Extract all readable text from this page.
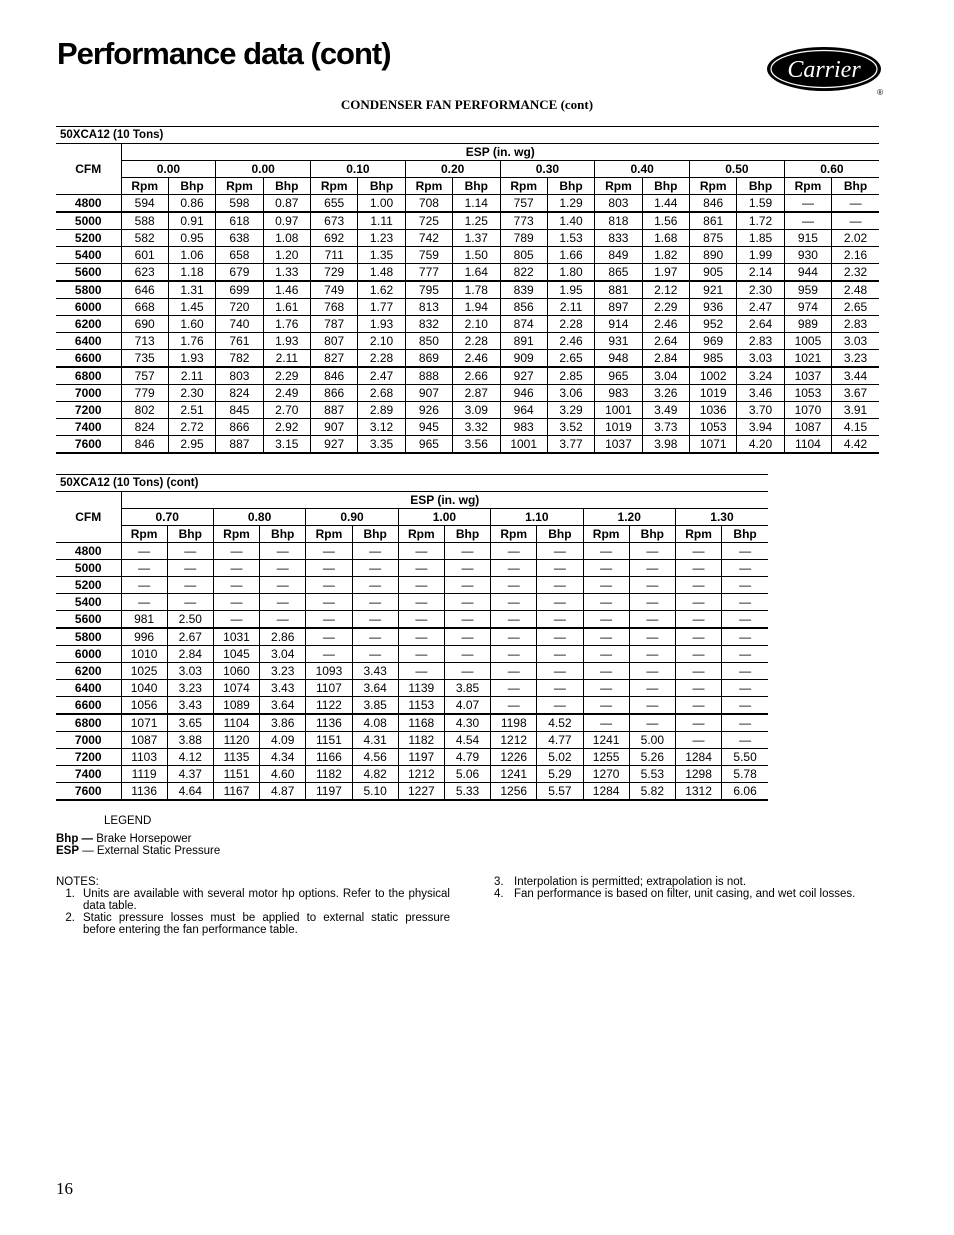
Performance data (cont)	Carrier
®
CONDENSER FAN PERFORMANCE (cont)
50XCA12 (10 Tons)																
CFM	ESP (in. wg)															
	0.00		0.00		0.10		0.20		0.30		0.40		0.50		0.60	
	Rpm	Bhp	Rpm	Bhp	Rpm	Bhp	Rpm	Bhp	Rpm	Bhp	Rpm	Bhp	Rpm	Bhp	Rpm	Bhp
4800	594	0.86	598	0.87	655	1.00	708	1.14	757	1.29	803	1.44	846	1.59	—	—
5000	588	0.91	618	0.97	673	1.11	725	1.25	773	1.40	818	1.56	861	1.72	—	—
5200	582	0.95	638	1.08	692	1.23	742	1.37	789	1.53	833	1.68	875	1.85	915	2.02
5400	601	1.06	658	1.20	711	1.35	759	1.50	805	1.66	849	1.82	890	1.99	930	2.16
5600	623	1.18	679	1.33	729	1.48	777	1.64	822	1.80	865	1.97	905	2.14	944	2.32
5800	646	1.31	699	1.46	749	1.62	795	1.78	839	1.95	881	2.12	921	2.30	959	2.48
6000	668	1.45	720	1.61	768	1.77	813	1.94	856	2.11	897	2.29	936	2.47	974	2.65
6200	690	1.60	740	1.76	787	1.93	832	2.10	874	2.28	914	2.46	952	2.64	989	2.83
6400	713	1.76	761	1.93	807	2.10	850	2.28	891	2.46	931	2.64	969	2.83	1005	3.03
6600	735	1.93	782	2.11	827	2.28	869	2.46	909	2.65	948	2.84	985	3.03	1021	3.23
6800	757	2.11	803	2.29	846	2.47	888	2.66	927	2.85	965	3.04	1002	3.24	1037	3.44
7000	779	2.30	824	2.49	866	2.68	907	2.87	946	3.06	983	3.26	1019	3.46	1053	3.67
7200	802	2.51	845	2.70	887	2.89	926	3.09	964	3.29	1001	3.49	1036	3.70	1070	3.91
7400	824	2.72	866	2.92	907	3.12	945	3.32	983	3.52	1019	3.73	1053	3.94	1087	4.15
7600	846	2.95	887	3.15	927	3.35	965	3.56	1001	3.77	1037	3.98	1071	4.20	1104	4.42
50XCA12 (10 Tons) (cont)														
CFM	ESP (in. wg)													
	0.70		0.80		0.90		1.00		1.10		1.20		1.30	
	Rpm	Bhp	Rpm	Bhp	Rpm	Bhp	Rpm	Bhp	Rpm	Bhp	Rpm	Bhp	Rpm	Bhp
4800	—	—	—	—	—	—	—	—	—	—	—	—	—	—
5000	—	—	—	—	—	—	—	—	—	—	—	—	—	—
5200	—	—	—	—	—	—	—	—	—	—	—	—	—	—
5400	—	—	—	—	—	—	—	—	—	—	—	—	—	—
5600	981	2.50	—	—	—	—	—	—	—	—	—	—	—	—
5800	996	2.67	1031	2.86	—	—	—	—	—	—	—	—	—	—
6000	1010	2.84	1045	3.04	—	—	—	—	—	—	—	—	—	—
6200	1025	3.03	1060	3.23	1093	3.43	—	—	—	—	—	—	—	—
6400	1040	3.23	1074	3.43	1107	3.64	1139	3.85	—	—	—	—	—	—
6600	1056	3.43	1089	3.64	1122	3.85	1153	4.07	—	—	—	—	—	—
6800	1071	3.65	1104	3.86	1136	4.08	1168	4.30	1198	4.52	—	—	—	—
7000	1087	3.88	1120	4.09	1151	4.31	1182	4.54	1212	4.77	1241	5.00	—	—
7200	1103	4.12	1135	4.34	1166	4.56	1197	4.79	1226	5.02	1255	5.26	1284	5.50
7400	1119	4.37	1151	4.60	1182	4.82	1212	5.06	1241	5.29	1270	5.53	1298	5.78
7600	1136	4.64	1167	4.87	1197	5.10	1227	5.33	1256	5.57	1284	5.82	1312	6.06
LEGEND
Bhp — Brake Horsepower
ESP — External Static Pressure
NOTES:
1. Units are available with several motor hp options. Refer to the physical data table.
2. Static pressure losses must be applied to external static pressure before entering the fan performance table.
3. Interpolation is permitted; extrapolation is not.
4. Fan performance is based on filter, unit casing, and wet coil losses.
16
